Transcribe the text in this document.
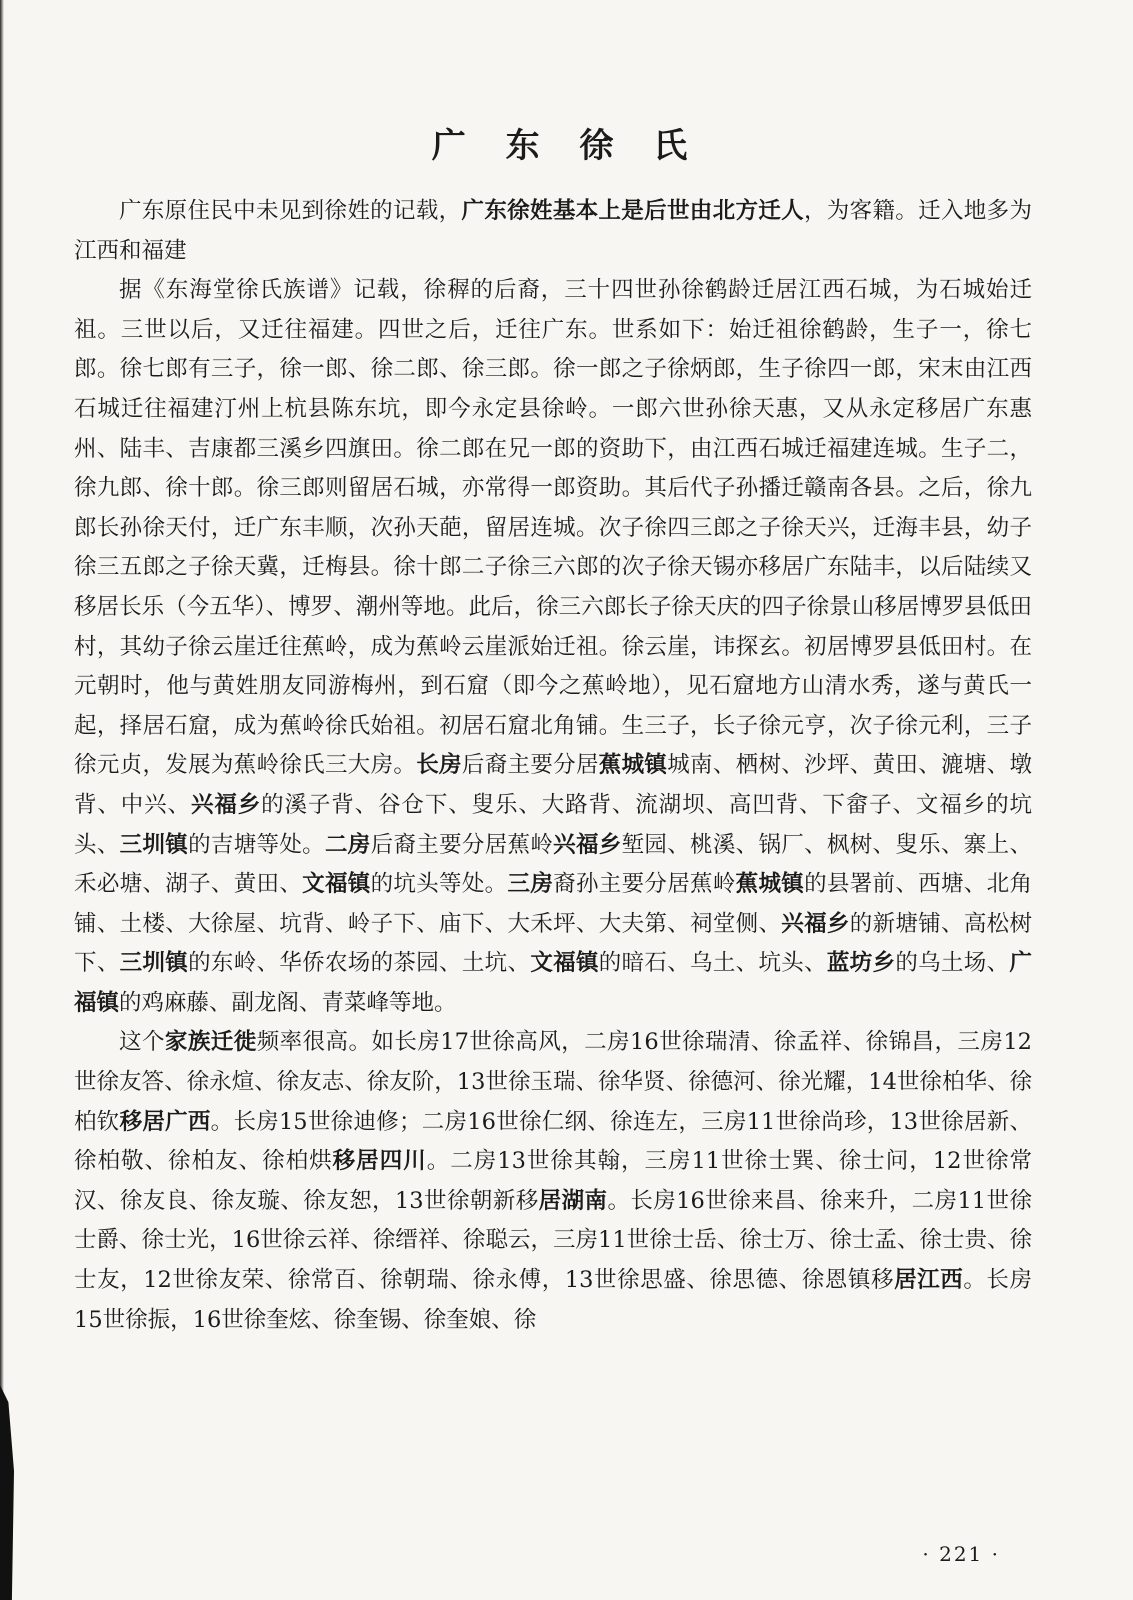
广 东 徐 氏

广东原住民中未见到徐姓的记载，广东徐姓基本上是后世由北方迁人，为客籍。迁入地多为江西和福建

据《东海堂徐氏族谱》记载，徐稺的后裔，三十四世孙徐鹤龄迁居江西石城，为石城始迁祖。三世以后，又迁往福建。四世之后，迁往广东。世系如下：始迁祖徐鹤龄，生子一，徐七郎。徐七郎有三子，徐一郎、徐二郎、徐三郎。徐一郎之子徐炳郎，生子徐四一郎，宋末由江西石城迁往福建汀州上杭县陈东坑，即今永定县徐岭。一郎六世孙徐天惠，又从永定移居广东惠州、陆丰、吉康都三溪乡四旗田。徐二郎在兄一郎的资助下，由江西石城迁福建连城。生子二，徐九郎、徐十郎。徐三郎则留居石城，亦常得一郎资助。其后代子孙播迁赣南各县。之后，徐九郎长孙徐天付，迁广东丰顺，次孙天葩，留居连城。次子徐四三郎之子徐天兴，迁海丰县，幼子徐三五郎之子徐天冀，迁梅县。徐十郎二子徐三六郎的次子徐天锡亦移居广东陆丰，以后陆续又移居长乐（今五华）、博罗、潮州等地。此后，徐三六郎长子徐天庆的四子徐景山移居博罗县低田村，其幼子徐云崖迁往蕉岭，成为蕉岭云崖派始迁祖。徐云崖，讳探玄。初居博罗县低田村。在元朝时，他与黄姓朋友同游梅州，到石窟（即今之蕉岭地），见石窟地方山清水秀，遂与黄氏一起，择居石窟，成为蕉岭徐氏始祖。初居石窟北角铺。生三子，长子徐元亨，次子徐元利，三子徐元贞，发展为蕉岭徐氏三大房。长房后裔主要分居蕉城镇城南、栖树、沙坪、黄田、漉塘、墩背、中兴、兴福乡的溪子背、谷仓下、叟乐、大路背、流湖坝、高凹背、下畲子、文福乡的坑头、三圳镇的吉塘等处。二房后裔主要分居蕉岭兴福乡堑园、桃溪、锅厂、枫树、叟乐、寨上、禾必塘、湖子、黄田、文福镇的坑头等处。三房裔孙主要分居蕉岭蕉城镇的县署前、西塘、北角铺、土楼、大徐屋、坑背、岭子下、庙下、大禾坪、大夫第、祠堂侧、兴福乡的新塘铺、高松树下、三圳镇的东岭、华侨农场的茶园、土坑、文福镇的暗石、乌土、坑头、蓝坊乡的乌土场、广福镇的鸡麻藤、副龙阁、青菜峰等地。

这个家族迁徙频率很高。如长房17世徐高风，二房16世徐瑞清、徐孟祥、徐锦昌，三房12世徐友答、徐永煊、徐友志、徐友阶，13世徐玉瑞、徐华贤、徐德河、徐光耀，14世徐柏华、徐柏钦移居广西。长房15世徐迪修；二房16世徐仁纲、徐连左，三房11世徐尚珍，13世徐居新、徐柏敬、徐柏友、徐柏烘移居四川。二房13世徐其翰，三房11世徐士巽、徐士问，12世徐常汉、徐友良、徐友璇、徐友恕，13世徐朝新移居湖南。长房16世徐来昌、徐来升，二房11世徐士爵、徐士光，16世徐云祥、徐缙祥、徐聪云，三房11世徐士岳、徐士万、徐士孟、徐士贵、徐士友，12世徐友荣、徐常百、徐朝瑞、徐永傅，13世徐思盛、徐思德、徐恩镇移居江西。长房15世徐振，16世徐奎炫、徐奎锡、徐奎娘、徐

· 221 ·
